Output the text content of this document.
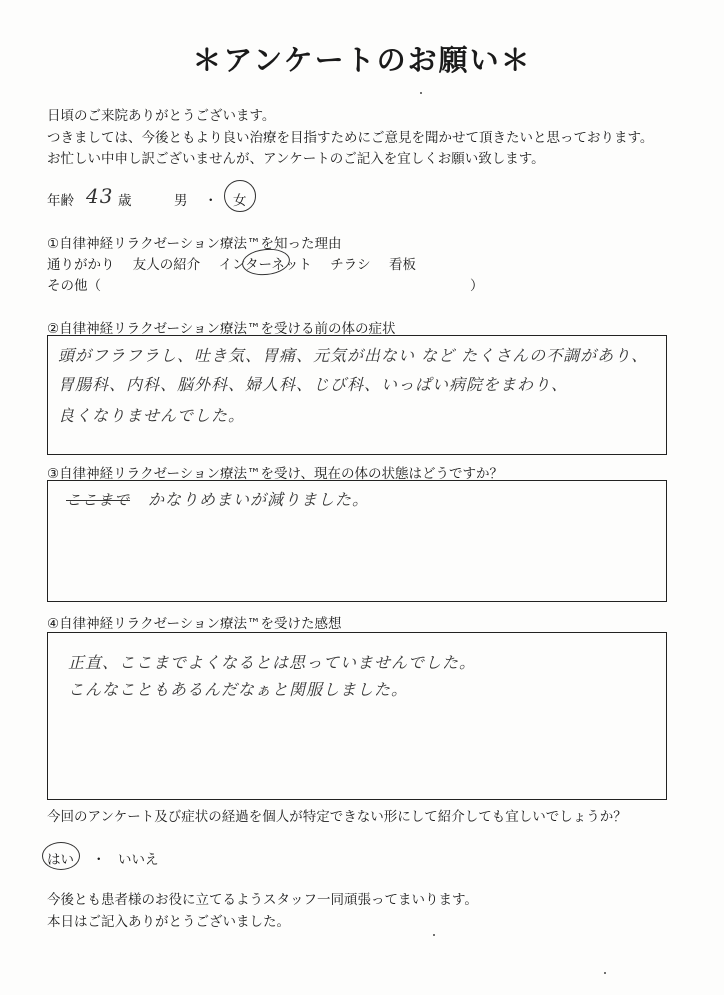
＊アンケートのお願い＊
日頃のご来院ありがとうございます。
つきましては、今後ともより良い治療を目指すためにご意見を聞かせて頂きたいと思っております。
お忙しい中申し訳ございませんが、アンケートのご記入を宜しくお願い致します。
年齢 43 歳	男 ・ 女
①自律神経リラクゼーション療法™を知った理由
通りがかり 友人の紹介 インターネット チラシ 看板
その他（	）
②自律神経リラクゼーション療法™を受ける前の体の症状
頭がフラフラし、吐き気、胃痛、元気が出ない など たくさんの不調があり、
胃腸科、内科、脳外科、婦人科、じび科、いっぱい病院をまわり、
良くなりませんでした。
③自律神経リラクゼーション療法™を受け、現在の体の状態はどうですか？
ここまで かなりめまいが減りました。
④自律神経リラクゼーション療法™を受けた感想
正直、ここまでよくなるとは思っていませんでした。
こんなこともあるんだなぁと関服しました。
今回のアンケート及び症状の経過を個人が特定できない形にして紹介しても宜しいでしょうか？
はい ・ いいえ
今後とも患者様のお役に立てるようスタッフ一同頑張ってまいります。
本日はご記入ありがとうございました。
